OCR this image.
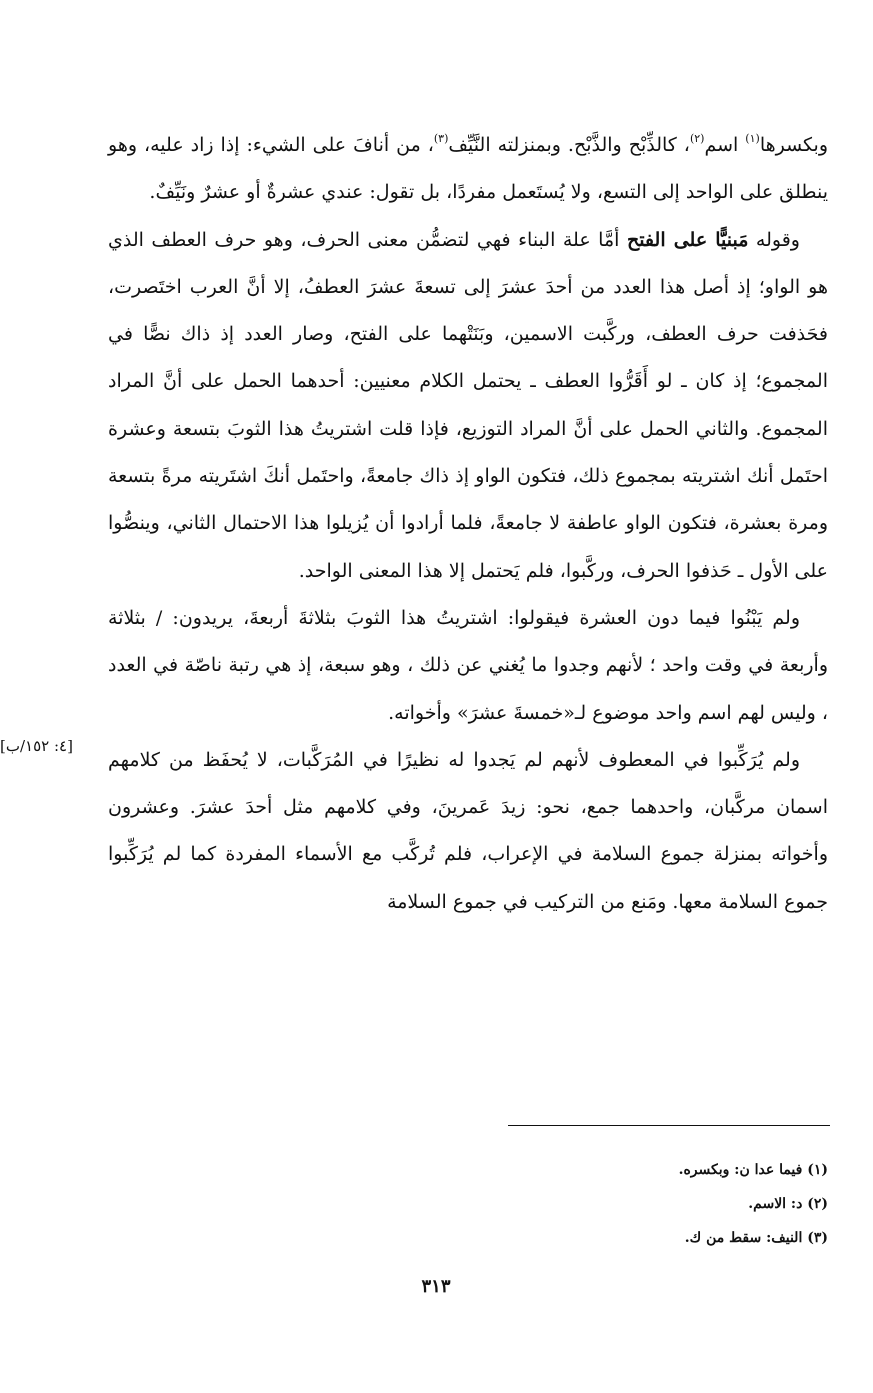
وبكسرها$^{(١)}$ اسم$^{(٢)}$، كالذِّبْح والذَّبْح. وبمنزلته النَّيِّف$^{(٣)}$، من أنافَ على الشيء: إذا زاد عليه، وهو ينطلق على الواحد إلى التسع، ولا يُستَعمل مفردًا، بل تقول: عندي عشرةٌ أو عشرٌ ونَيِّفٌ.

وقوله مَبنيًّا على الفتح أمَّا علة البناء فهي لتضمُّن معنى الحرف، وهو حرف العطف الذي هو الواو؛ إذ أصل هذا العدد من أحدَ عشرَ إلى تسعةَ عشرَ العطفُ، إلا أنَّ العرب اختَصرت، فحَذفت حرف العطف، وركَّبت الاسمين، وبَنَتْهما على الفتح، وصار العدد إذ ذاك نصًّا في المجموع؛ إذ كان ـ لو أَقَرُّوا العطف ـ يحتمل الكلام معنيين: أحدهما الحمل على أنَّ المراد المجموع. والثاني الحمل على أنَّ المراد التوزيع، فإذا قلت اشتريتُ هذا الثوبَ بتسعة وعشرة احتَمل أنك اشتريته بمجموع ذلك، فتكون الواو إذ ذاك جامعةً، واحتَمل أنكَ اشتَريته مرةً بتسعة ومرة بعشرة، فتكون الواو عاطفة لا جامعةً، فلما أرادوا أن يُزيلوا هذا الاحتمال الثاني، وينصُّوا على الأول ـ حَذفوا الحرف، وركَّبوا، فلم يَحتمل إلا هذا المعنى الواحد.

ولم يَبْنُوا فيما دون العشرة فيقولوا: اشتريتُ هذا الثوبَ بثلاثةَ أربعةَ، يريدون: / بثلاثة وأربعة في وقت واحد ؛ لأنهم وجدوا ما يُغني عن ذلك ، وهو سبعة، إذ هي رتبة ناصّة في العدد ، وليس لهم اسم واحد موضوع لـ«خمسةَ عشرَ» وأخواته.

ولم يُرَكِّبوا في المعطوف لأنهم لم يَجدوا له نظيرًا في المُرَكَّبات، لا يُحفَظ من كلامهم اسمان مركَّبان، واحدهما جمع، نحو: زيدَ عَمرينَ، وفي كلامهم مثل أحدَ عشرَ. وعشرون وأخواته بمنزلة جموع السلامة في الإعراب، فلم تُركَّب مع الأسماء المفردة كما لم يُرَكِّبوا جموع السلامة معها. ومَنع من التركيب في جموع السلامة

[٤: ١٥٢/ب]

(١) فيما عدا ن: وبكسره.

(٢) د: الاسم.

(٣) النيف: سقط من ك.

٣١٣
